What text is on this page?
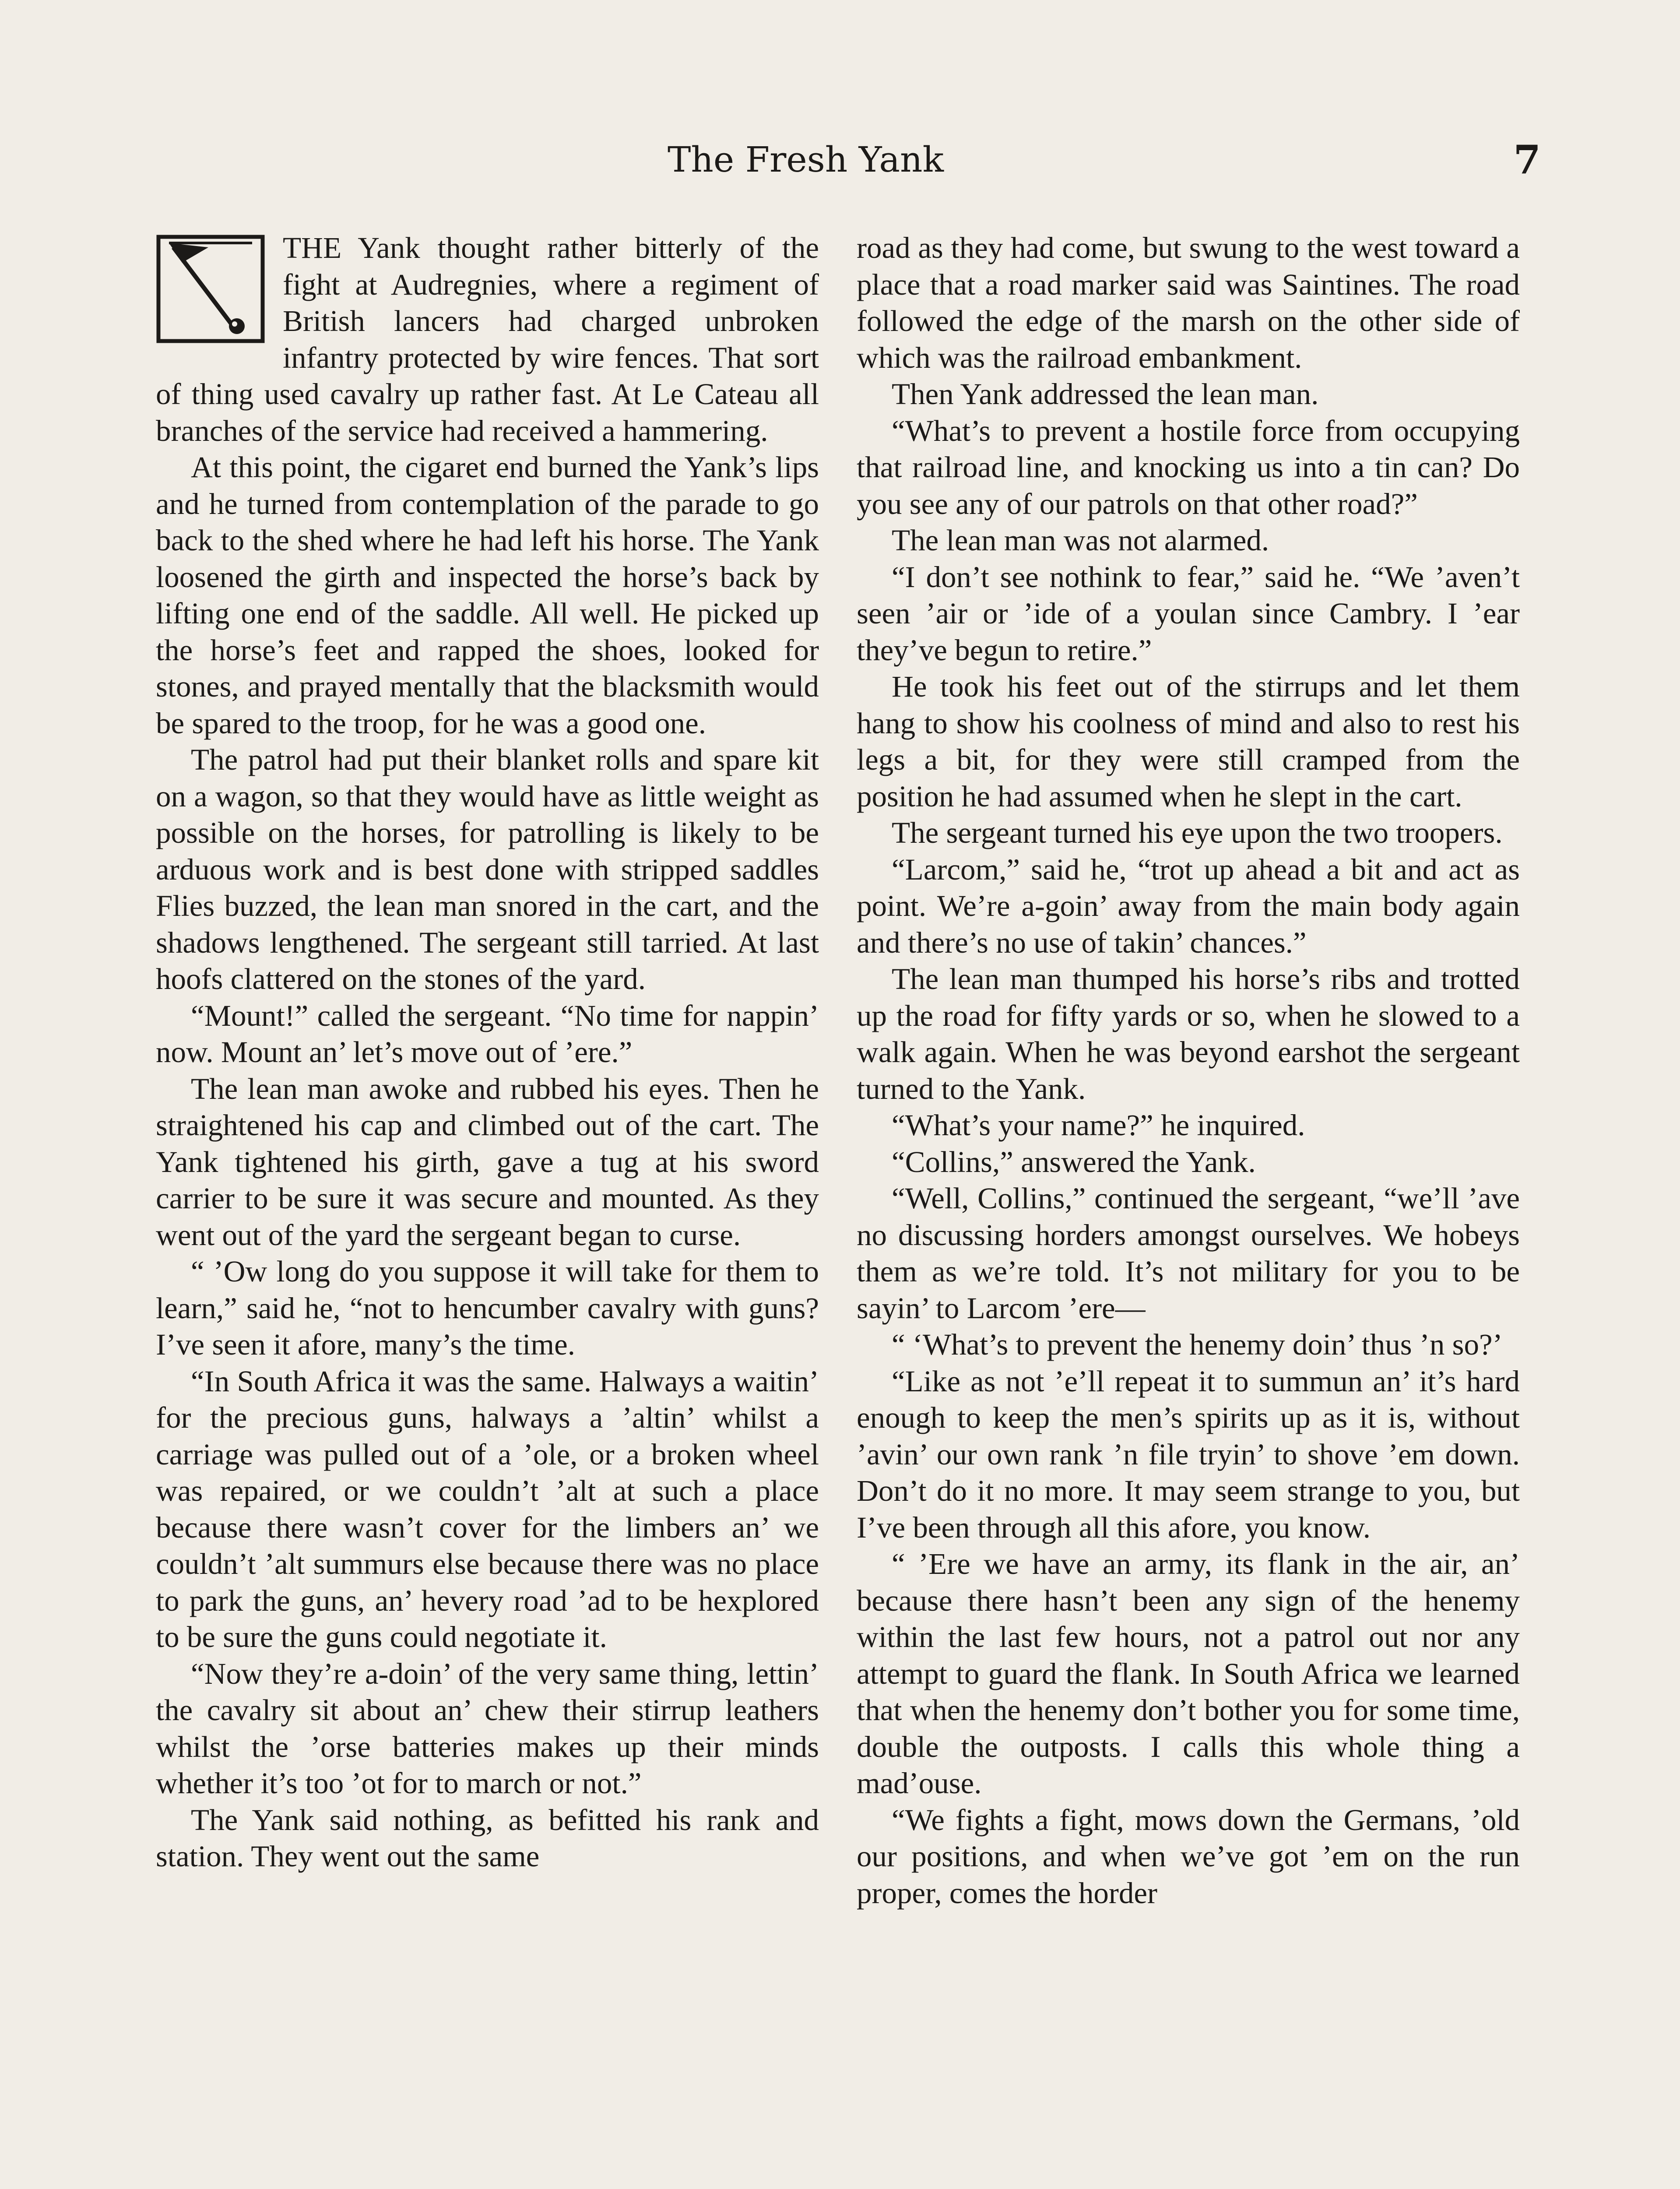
The Fresh Yank	7

THE Yank thought rather bitterly of the fight at Audregnies, where a regiment of British lancers had charged unbroken infantry protected by wire fences. That sort of thing used cavalry up rather fast. At Le Cateau all branches of the service had received a hammering.

At this point, the cigaret end burned the Yank’s lips and he turned from contemplation of the parade to go back to the shed where he had left his horse. The Yank loosened the girth and inspected the horse’s back by lifting one end of the saddle. All well. He picked up the horse’s feet and rapped the shoes, looked for stones, and prayed mentally that the blacksmith would be spared to the troop, for he was a good one.

The patrol had put their blanket rolls and spare kit on a wagon, so that they would have as little weight as possible on the horses, for patrolling is likely to be arduous work and is best done with stripped saddles Flies buzzed, the lean man snored in the cart, and the shadows lengthened. The sergeant still tarried. At last hoofs clattered on the stones of the yard.

“Mount!” called the sergeant. “No time for nappin’ now. Mount an’ let’s move out of ’ere.”

The lean man awoke and rubbed his eyes. Then he straightened his cap and climbed out of the cart. The Yank tightened his girth, gave a tug at his sword carrier to be sure it was secure and mounted. As they went out of the yard the sergeant began to curse.

“ ’Ow long do you suppose it will take for them to learn,” said he, “not to hencumber cavalry with guns? I’ve seen it afore, many’s the time.

“In South Africa it was the same. Halways a waitin’ for the precious guns, halways a ’altin’ whilst a carriage was pulled out of a ’ole, or a broken wheel was repaired, or we couldn’t ’alt at such a place because there wasn’t cover for the limbers an’ we couldn’t ’alt summurs else because there was no place to park the guns, an’ hevery road ’ad to be hexplored to be sure the guns could negotiate it.

“Now they’re a-doin’ of the very same thing, lettin’ the cavalry sit about an’ chew their stirrup leathers whilst the ’orse batteries makes up their minds whether it’s too ’ot for to march or not.”

The Yank said nothing, as befitted his rank and station. They went out the same

road as they had come, but swung to the west toward a place that a road marker said was Saintines. The road followed the edge of the marsh on the other side of which was the railroad embankment.

Then Yank addressed the lean man.

“What’s to prevent a hostile force from occupying that railroad line, and knocking us into a tin can? Do you see any of our patrols on that other road?”

The lean man was not alarmed.

“I don’t see nothink to fear,” said he. “We ’aven’t seen ’air or ’ide of a youlan since Cambry. I ’ear they’ve begun to retire.”

He took his feet out of the stirrups and let them hang to show his coolness of mind and also to rest his legs a bit, for they were still cramped from the position he had assumed when he slept in the cart.

The sergeant turned his eye upon the two troopers.

“Larcom,” said he, “trot up ahead a bit and act as point. We’re a-goin’ away from the main body again and there’s no use of takin’ chances.”

The lean man thumped his horse’s ribs and trotted up the road for fifty yards or so, when he slowed to a walk again. When he was beyond earshot the sergeant turned to the Yank.

“What’s your name?” he inquired.

“Collins,” answered the Yank.

“Well, Collins,” continued the sergeant, “we’ll ’ave no discussing horders amongst ourselves. We hobeys them as we’re told. It’s not military for you to be sayin’ to Larcom ’ere—

“ ‘What’s to prevent the henemy doin’ thus ’n so?’

“Like as not ’e’ll repeat it to summun an’ it’s hard enough to keep the men’s spirits up as it is, without ’avin’ our own rank ’n file tryin’ to shove ’em down. Don’t do it no more. It may seem strange to you, but I’ve been through all this afore, you know.

“ ’Ere we have an army, its flank in the air, an’ because there hasn’t been any sign of the henemy within the last few hours, not a patrol out nor any attempt to guard the flank. In South Africa we learned that when the henemy don’t bother you for some time, double the outposts. I calls this whole thing a mad’ouse.

“We fights a fight, mows down the Germans, ’old our positions, and when we’ve got ’em on the run proper, comes the horder
